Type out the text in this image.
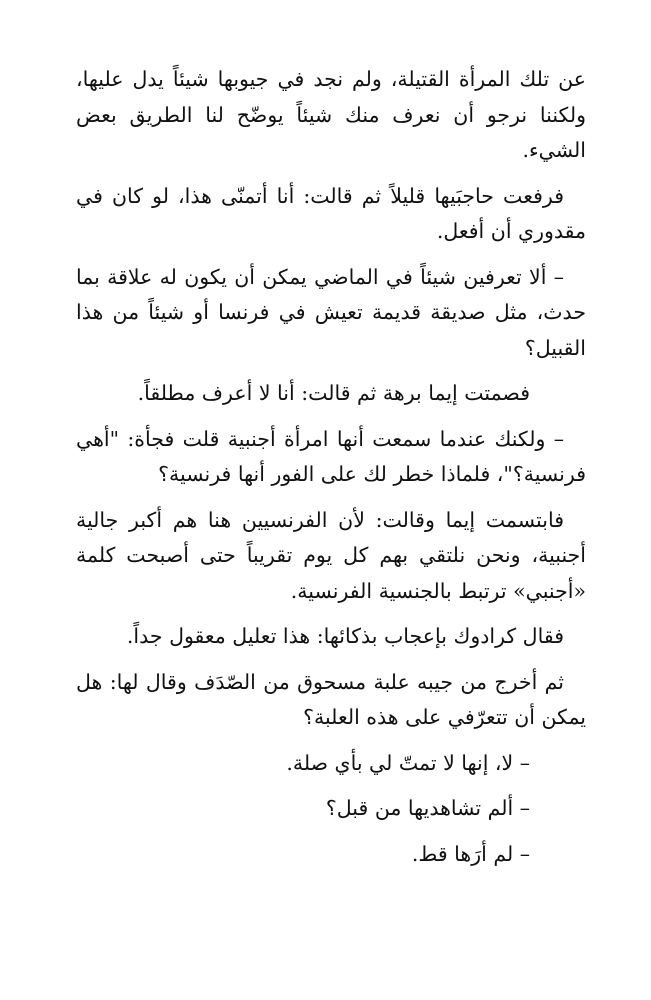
عن تلك المرأة القتيلة، ولم نجد في جيوبها شيئاً يدل عليها، ولكننا نرجو أن نعرف منك شيئاً يوضّح لنا الطريق بعض الشيء.

فرفعت حاجبَيها قليلاً ثم قالت: أنا أتمنّى هذا، لو كان في مقدوري أن أفعل.

– ألا تعرفين شيئاً في الماضي يمكن أن يكون له علاقة بما حدث، مثل صديقة قديمة تعيش في فرنسا أو شيئاً من هذا القبيل؟

فصمتت إيما برهة ثم قالت: أنا لا أعرف مطلقاً.

– ولكنك عندما سمعت أنها امرأة أجنبية قلت فجأة: "أهي فرنسية؟"، فلماذا خطر لك على الفور أنها فرنسية؟

فابتسمت إيما وقالت: لأن الفرنسيين هنا هم أكبر جالية أجنبية، ونحن نلتقي بهم كل يوم تقريباً حتى أصبحت كلمة «أجنبي» ترتبط بالجنسية الفرنسية.

فقال كرادوك بإعجاب بذكائها: هذا تعليل معقول جداً.

ثم أخرج من جيبه علبة مسحوق من الصّدَف وقال لها: هل يمكن أن تتعرّفي على هذه العلبة؟

– لا، إنها لا تمتّ لي بأي صلة.

– ألم تشاهديها من قبل؟

– لم أرَها قط.
